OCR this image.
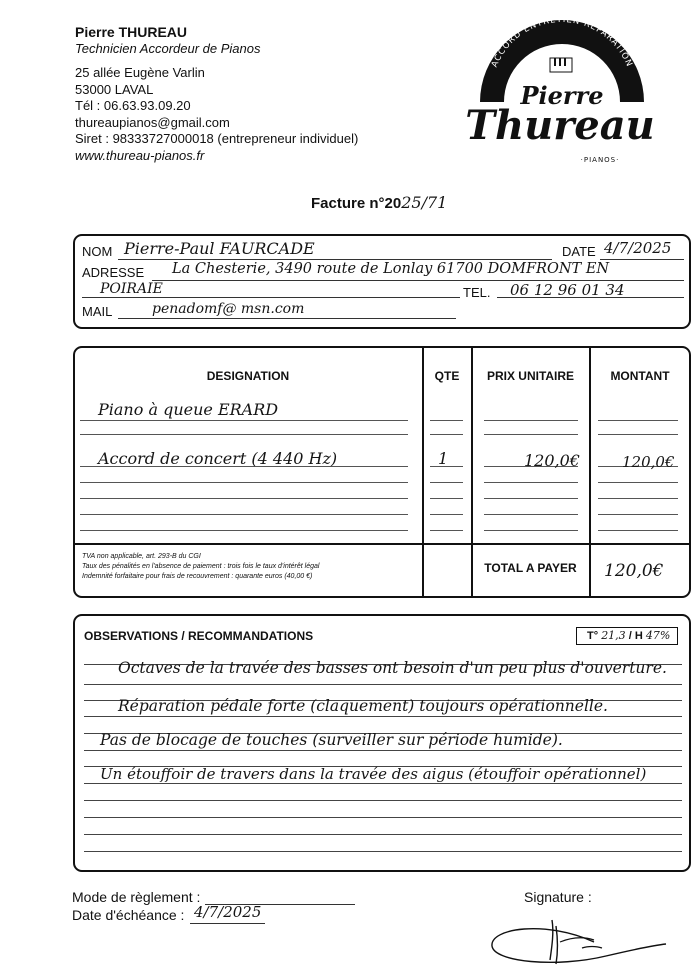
Pierre THUREAU
Technicien Accordeur de Pianos
25 allée Eugène Varlin
53000 LAVAL
Tél : 06.63.93.09.20
thureaupianos@gmail.com
Siret : 98333727000018 (entrepreneur individuel)
www.thureau-pianos.fr
ACCORD ENTRETIEN REPARATION
Pierre
Thureau
·PIANOS·
Facture n°2025/71
NOM Pierre-Paul FAURCADE	DATE 4/7/2025
ADRESSE La Chesterie, 3490 route de Lonlay 61700 DOMFRONT EN
POIRAIE	TEL. 06 12 96 01 34
MAIL	penadomf@ msn.com
DESIGNATION	QTE	PRIX UNITAIRE	MONTANT
Piano à queue ERARD
Accord de concert (4 440 Hz)	1	120,0€	120,0€
TVA non applicable, art. 293-B du CGI
Taux des pénalités en l'absence de paiement : trois fois le taux d'intérêt légal
Indemnité forfaitaire pour frais de recouvrement : quarante euros (40,00 €)
TOTAL A PAYER	120,0€
OBSERVATIONS / RECOMMANDATIONS	T° 21,3 / H 47%
Octaves de la travée des basses ont besoin d'un peu plus d'ouverture.
Réparation pédale forte (claquement) toujours opérationnelle.
Pas de blocage de touches (surveiller sur période humide).
Un étouffoir de travers dans la travée des aigus (étouffoir opérationnel)
Mode de règlement :
Date d'échéance : 4/7/2025
Signature :
